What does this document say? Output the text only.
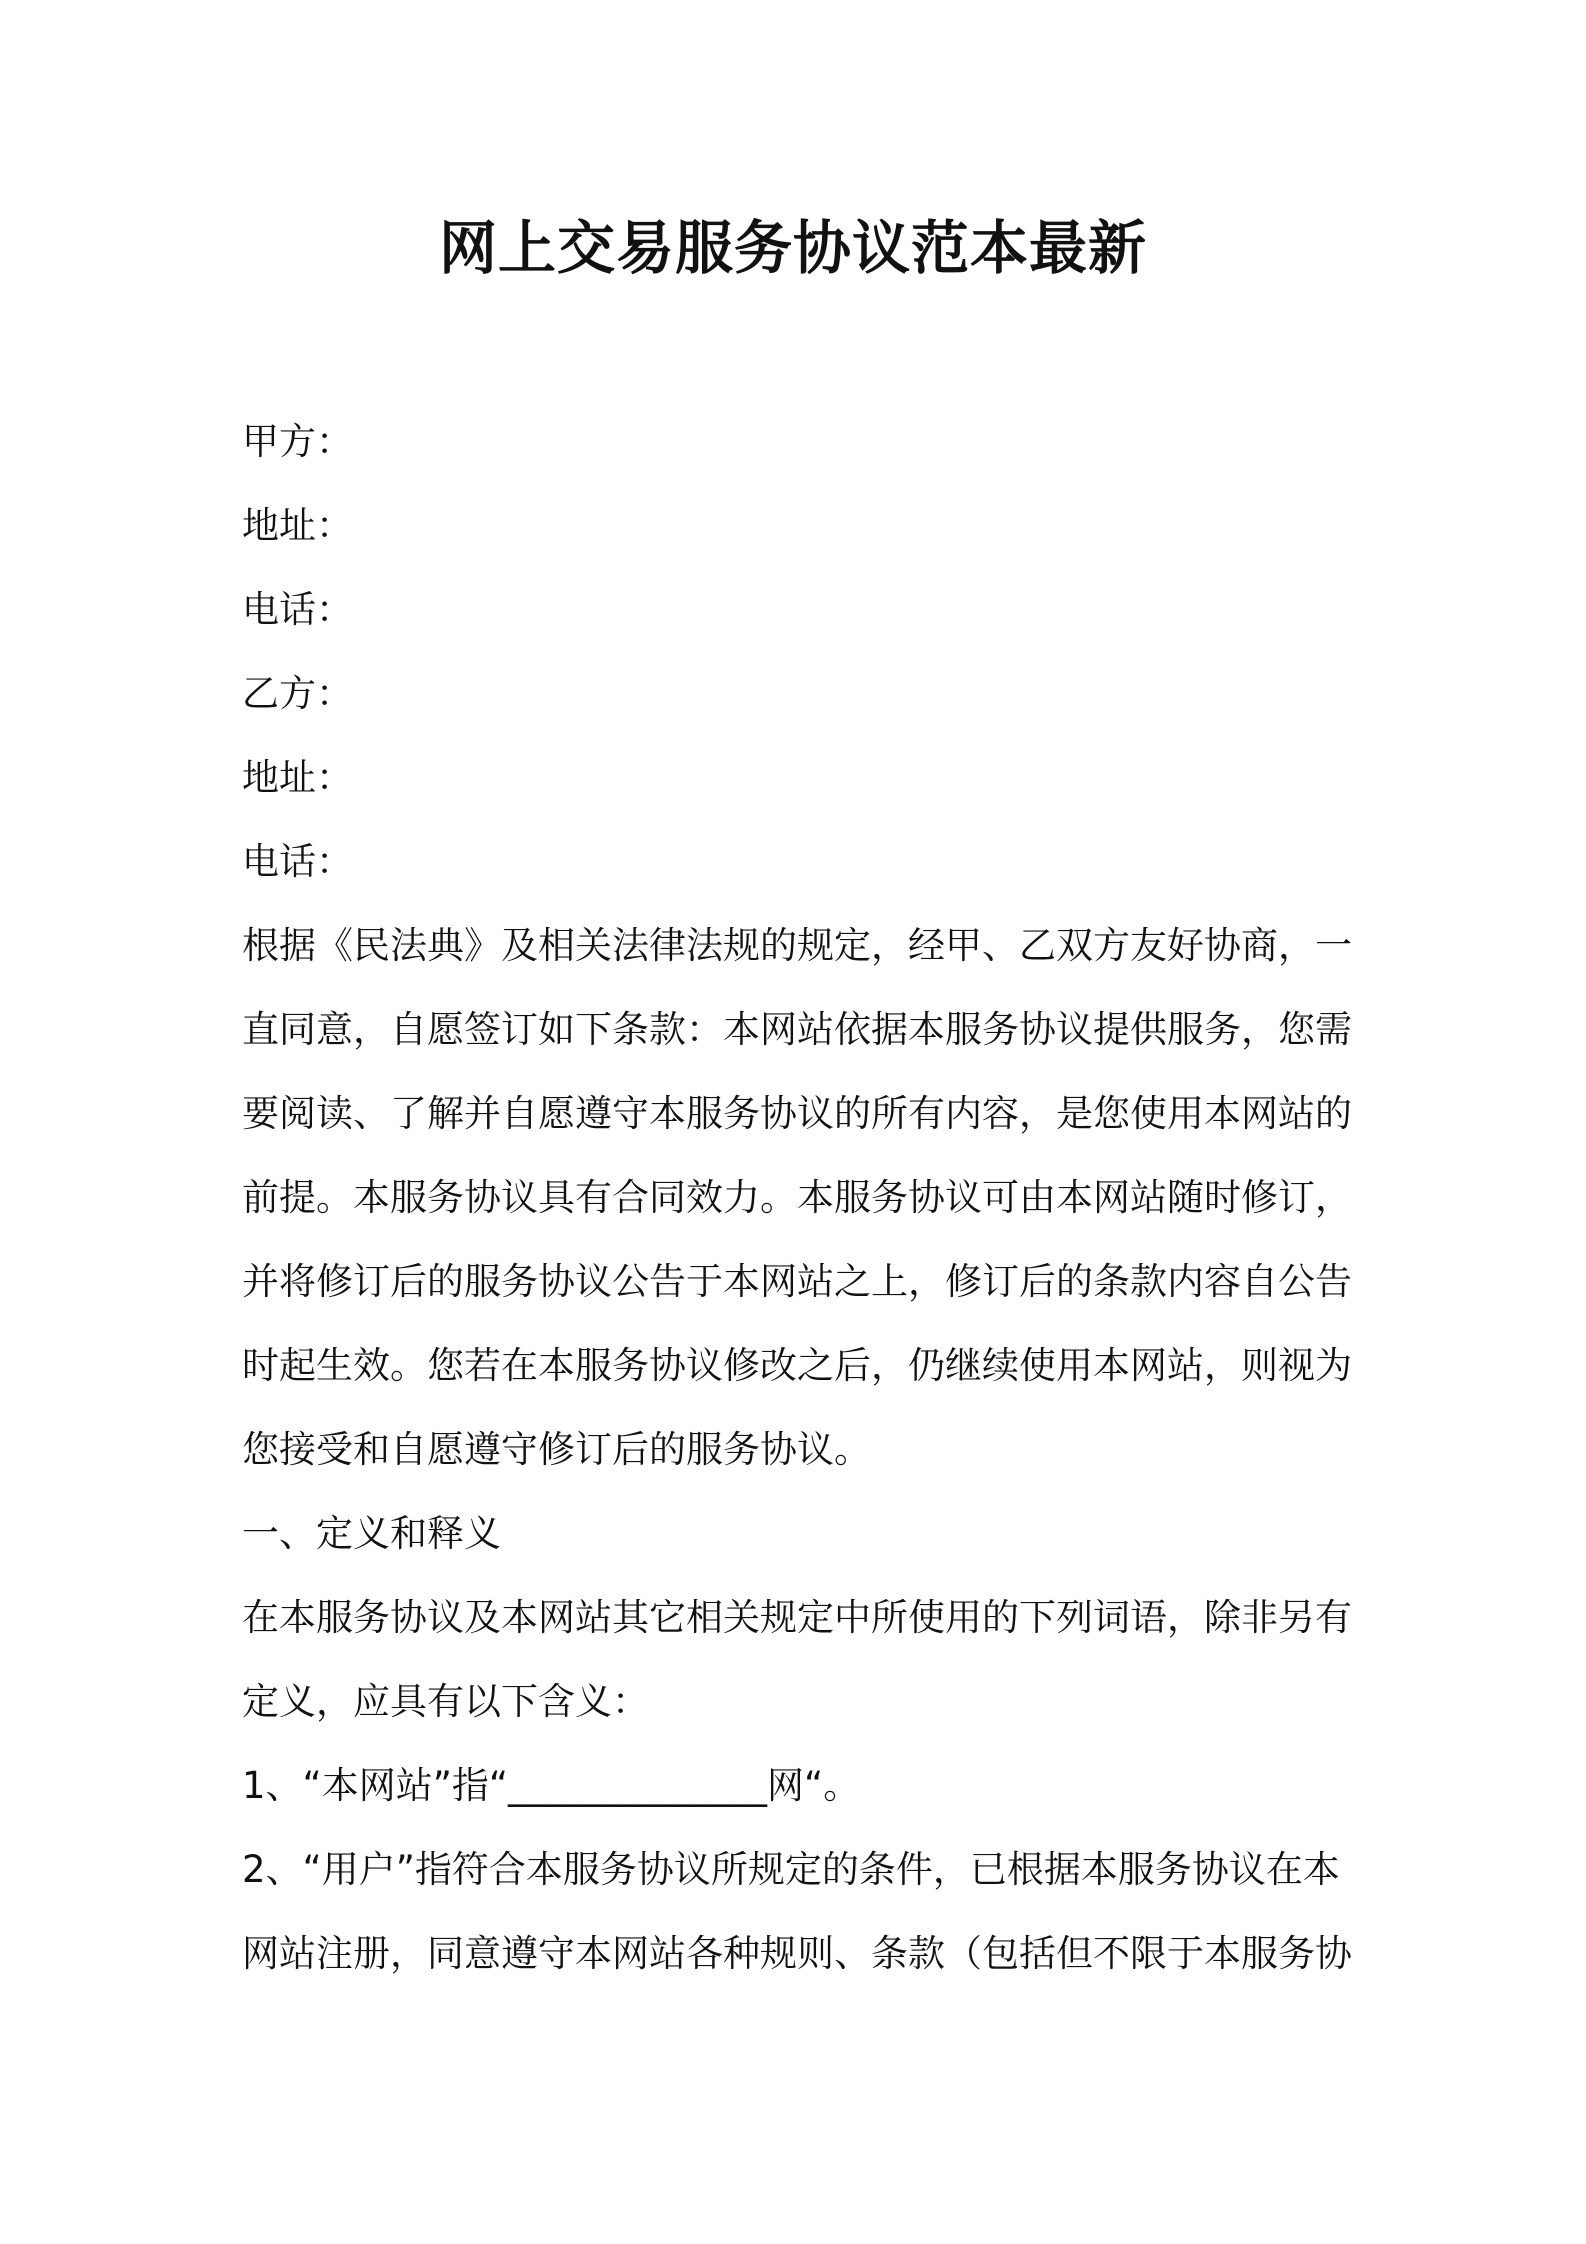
网上交易服务协议范本最新
甲方：
地址：
电话：
乙方：
地址：
电话：
根据《民法典》及相关法律法规的规定，经甲、乙双方友好协商，一
直同意，自愿签订如下条款：本网站依据本服务协议提供服务，您需
要阅读、了解并自愿遵守本服务协议的所有内容，是您使用本网站的
前提。本服务协议具有合同效力。本服务协议可由本网站随时修订，
并将修订后的服务协议公告于本网站之上，修订后的条款内容自公告
时起生效。您若在本服务协议修改之后，仍继续使用本网站，则视为
您接受和自愿遵守修订后的服务协议。
一、定义和释义
在本服务协议及本网站其它相关规定中所使用的下列词语，除非另有
定义，应具有以下含义：
1、“本网站”指“______________网“。
2、“用户”指符合本服务协议所规定的条件，已根据本服务协议在本
网站注册，同意遵守本网站各种规则、条款（包括但不限于本服务协
